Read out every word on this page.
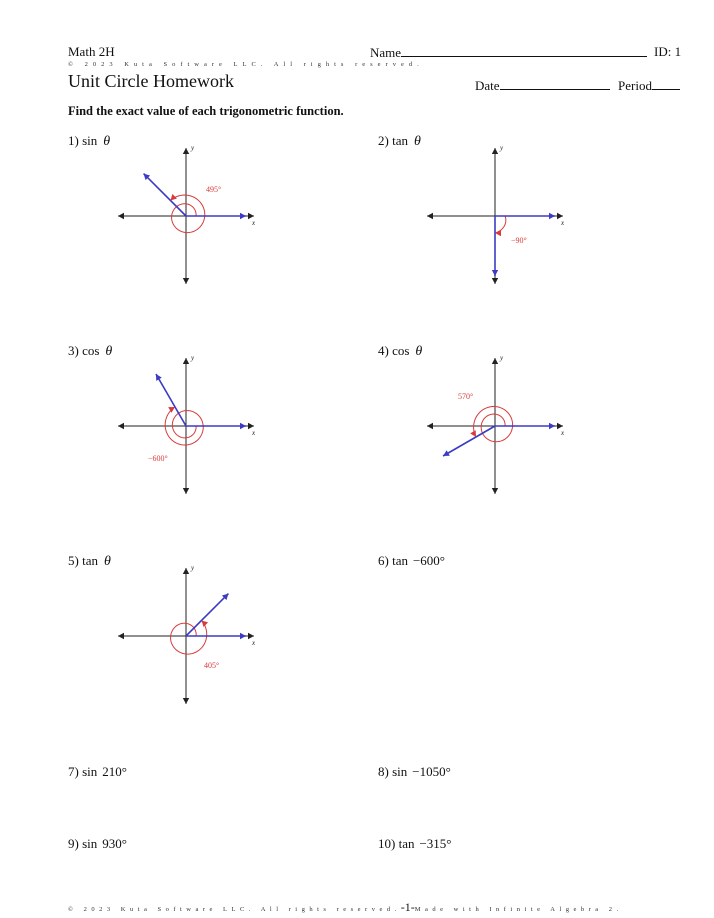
Math 2H	Name	ID: 1
© 2023 Kuta Software LLC. All rights reserved.
Unit Circle Homework	Date	Period
Find the exact value of each trigonometric function.
1) sin θ	2) tan θ
3) cos θ	4) cos θ
5) tan θ	6) tan −600°
7) sin 210°	8) sin −1050°
9) sin 930°	10) tan −315°
x
y
495°
x
y
−90°
x
y
−600°
x
y
570°
x
y
405°
© 2023 Kuta Software LLC. All rights reserved.-1-Made with Infinite Algebra 2.
